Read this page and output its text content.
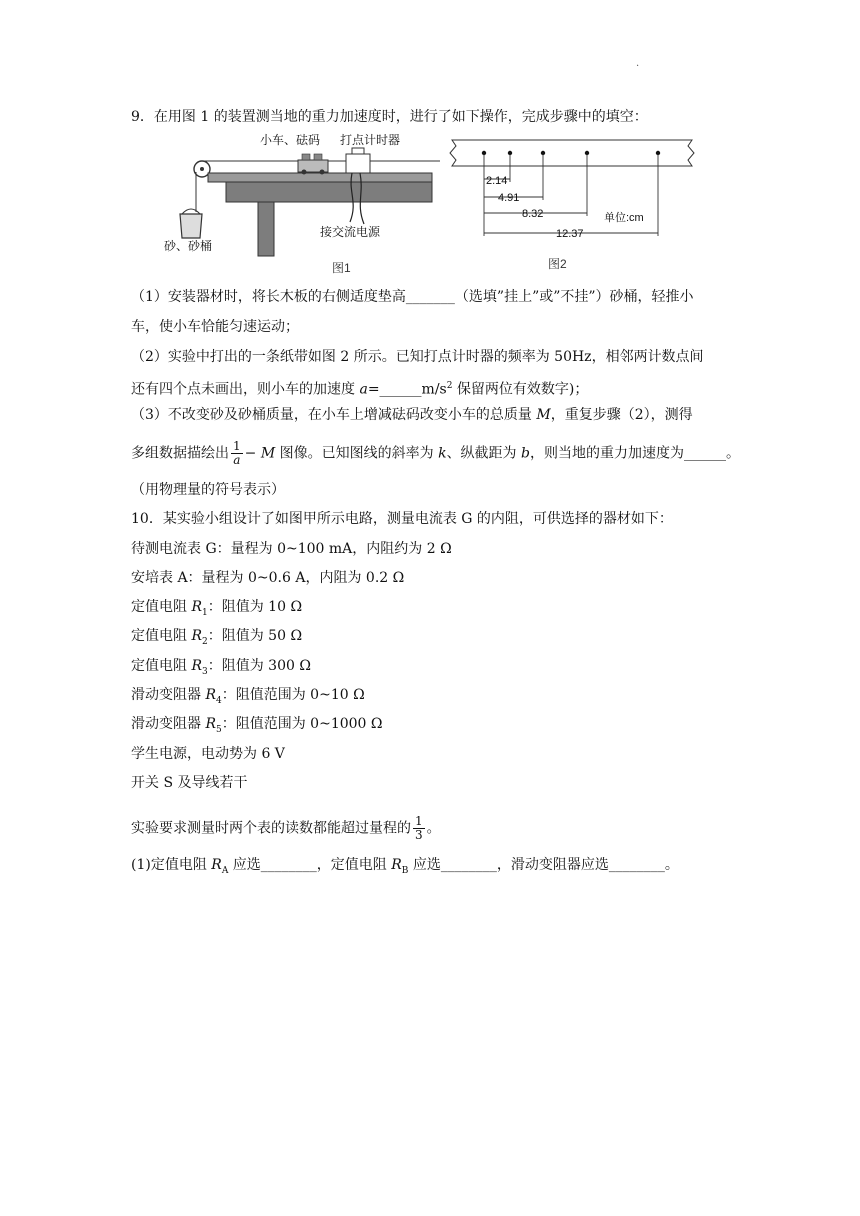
.
9．在用图 1 的装置测当地的重力加速度时，进行了如下操作，完成步骤中的填空：
小车、砝码 打点计时器
砂、砂桶
接交流电源
图1
2.14
4.91
8.32
12.37
单位:cm
图2
（1）安装器材时，将长木板的右侧适度垫高_______（选填”挂上”或”不挂”）砂桶，轻推小
车，使小车恰能匀速运动；
（2）实验中打出的一条纸带如图 2 所示。已知打点计时器的频率为 50Hz，相邻两计数点间
还有四个点未画出，则小车的加速度 $a=\_\_\_\_\_\_m/s^2$ 保留两位有效数字)；
（3）不改变砂及砂桶质量，在小车上增减砝码改变小车的总质量 M，重复步骤（2），测得
多组数据描绘出 $\frac{1}{a} - M$ 图像。已知图线的斜率为 k、纵截距为 b，则当地的重力加速度为______。
（用物理量的符号表示）
10．某实验小组设计了如图甲所示电路，测量电流表 G 的内阻，可供选择的器材如下：
待测电流表 G：量程为 0~100 mA，内阻约为 2 Ω
安培表 A：量程为 0~0.6 A，内阻为 0.2 Ω
定值电阻 $R_1$：阻值为 10 Ω
定值电阻 $R_2$：阻值为 50 Ω
定值电阻 $R_3$：阻值为 300 Ω
滑动变阻器 $R_4$：阻值范围为 0~10 Ω
滑动变阻器 $R_5$：阻值范围为 0~1000 Ω
学生电源，电动势为 6 V
开关 S 及导线若干
实验要求测量时两个表的读数都能超过量程的 $\frac{1}{3}$ 。
(1)定值电阻 $R_A$ 应选________，定值电阻 $R_B$ 应选________，滑动变阻器应选________。
